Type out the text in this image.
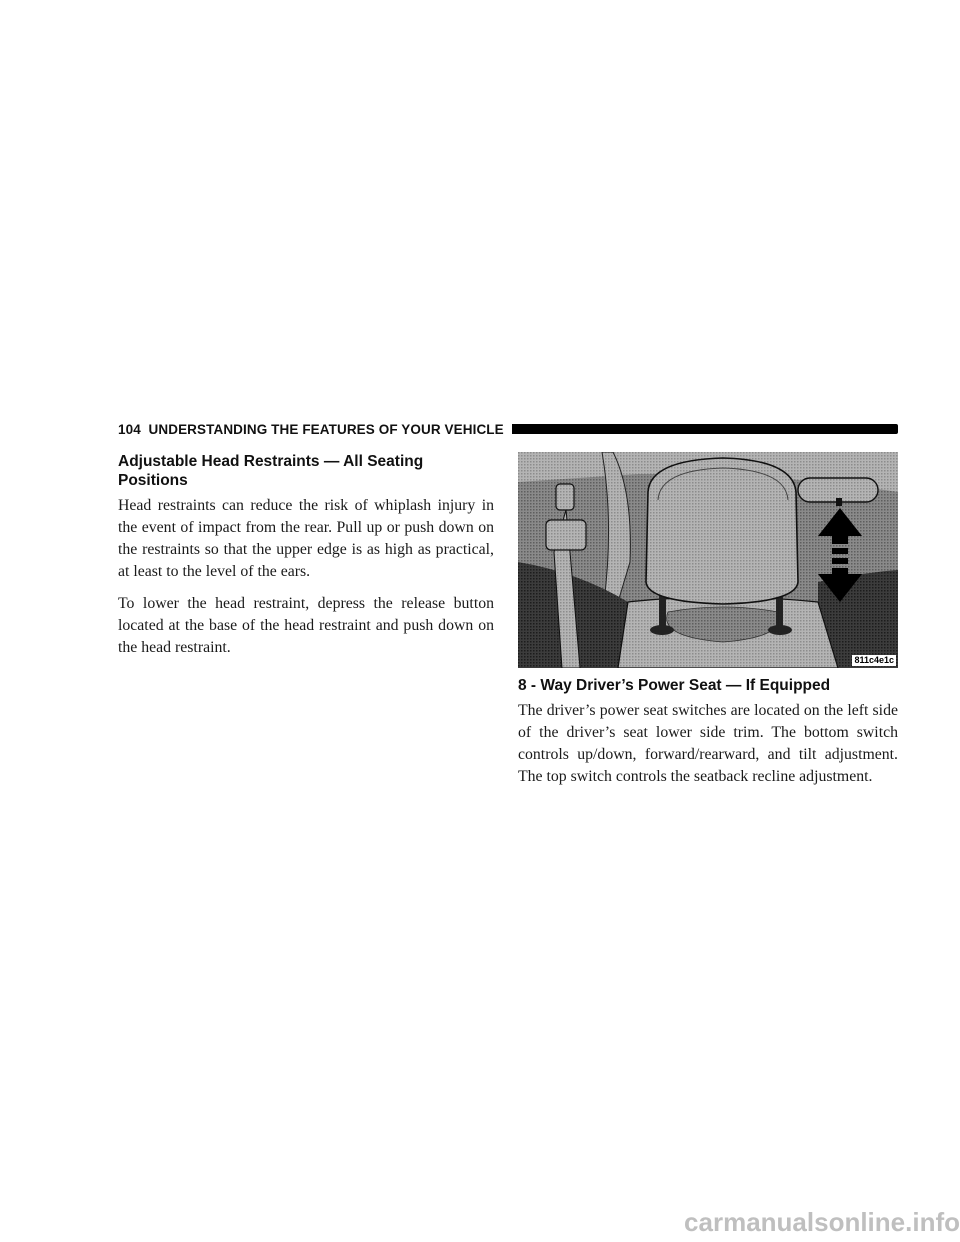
104 UNDERSTANDING THE FEATURES OF YOUR VEHICLE
Adjustable Head Restraints — All Seating Positions

Head restraints can reduce the risk of whiplash injury in the event of impact from the rear. Pull up or push down on the restraints so that the upper edge is as high as practical, at least to the level of the ears.

To lower the head restraint, depress the release button located at the base of the head restraint and push down on the head restraint.

811c4e1c
8 - Way Driver’s Power Seat — If Equipped

The driver’s power seat switches are located on the left side of the driver’s seat lower side trim. The bottom switch controls up/down, forward/rearward, and tilt adjustment. The top switch controls the seatback recline adjustment.

carmanualsonline.info
